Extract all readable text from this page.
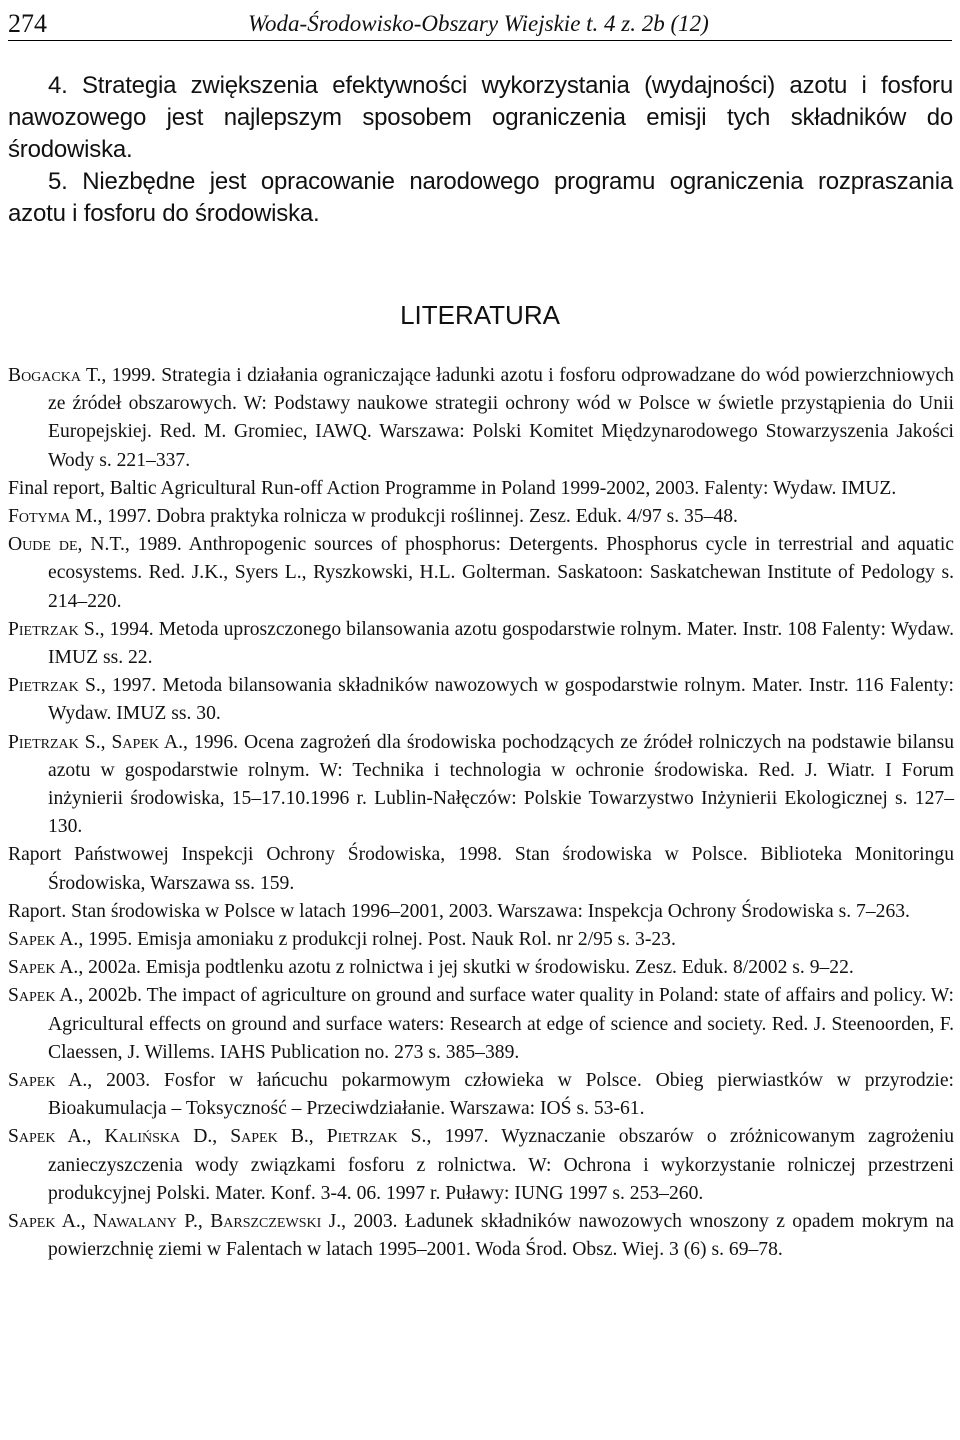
274	Woda-Środowisko-Obszary Wiejskie t. 4 z. 2b (12)

4. Strategia zwiększenia efektywności wykorzystania (wydajności) azotu i fosforu nawozowego jest najlepszym sposobem ograniczenia emisji tych składników do środowiska.

5. Niezbędne jest opracowanie narodowego programu ograniczenia rozpraszania azotu i fosforu do środowiska.

LITERATURA

Bogacka T., 1999. Strategia i działania ograniczające ładunki azotu i fosforu odprowadzane do wód powierzchniowych ze źródeł obszarowych. W: Podstawy naukowe strategii ochrony wód w Polsce w świetle przystąpienia do Unii Europejskiej. Red. M. Gromiec, IAWQ. Warszawa: Polski Komitet Międzynarodowego Stowarzyszenia Jakości Wody s. 221–337.

Final report, Baltic Agricultural Run-off Action Programme in Poland 1999-2002, 2003. Falenty: Wydaw. IMUZ.

Fotyma M., 1997. Dobra praktyka rolnicza w produkcji roślinnej. Zesz. Eduk. 4/97 s. 35–48.

Oude de, N.T., 1989. Anthropogenic sources of phosphorus: Detergents. Phosphorus cycle in terrestrial and aquatic ecosystems. Red. J.K., Syers L., Ryszkowski, H.L. Golterman. Saskatoon: Saskatchewan Institute of Pedology s. 214–220.

Pietrzak S., 1994. Metoda uproszczonego bilansowania azotu gospodarstwie rolnym. Mater. Instr. 108 Falenty: Wydaw. IMUZ ss. 22.

Pietrzak S., 1997. Metoda bilansowania składników nawozowych w gospodarstwie rolnym. Mater. Instr. 116 Falenty: Wydaw. IMUZ ss. 30.

Pietrzak S., Sapek A., 1996. Ocena zagrożeń dla środowiska pochodzących ze źródeł rolniczych na podstawie bilansu azotu w gospodarstwie rolnym. W: Technika i technologia w ochronie środowiska. Red. J. Wiatr. I Forum inżynierii środowiska, 15–17.10.1996 r. Lublin-Nałęczów: Polskie Towarzystwo Inżynierii Ekologicznej s. 127–130.

Raport Państwowej Inspekcji Ochrony Środowiska, 1998. Stan środowiska w Polsce. Biblioteka Monitoringu Środowiska, Warszawa ss. 159.

Raport. Stan środowiska w Polsce w latach 1996–2001, 2003. Warszawa: Inspekcja Ochrony Środowiska s. 7–263.

Sapek A., 1995. Emisja amoniaku z produkcji rolnej. Post. Nauk Rol. nr 2/95 s. 3-23.

Sapek A., 2002a. Emisja podtlenku azotu z rolnictwa i jej skutki w środowisku. Zesz. Eduk. 8/2002 s. 9–22.

Sapek A., 2002b. The impact of agriculture on ground and surface water quality in Poland: state of affairs and policy. W: Agricultural effects on ground and surface waters: Research at edge of science and society. Red. J. Steenoorden, F. Claessen, J. Willems. IAHS Publication no. 273 s. 385–389.

Sapek A., 2003. Fosfor w łańcuchu pokarmowym człowieka w Polsce. Obieg pierwiastków w przyrodzie: Bioakumulacja – Toksyczność – Przeciwdziałanie. Warszawa: IOŚ s. 53-61.

Sapek A., Kalińska D., Sapek B., Pietrzak S., 1997. Wyznaczanie obszarów o zróżnicowanym zagrożeniu zanieczyszczenia wody związkami fosforu z rolnictwa. W: Ochrona i wykorzystanie rolniczej przestrzeni produkcyjnej Polski. Mater. Konf. 3-4. 06. 1997 r. Puławy: IUNG 1997 s. 253–260.

Sapek A., Nawalany P., Barszczewski J., 2003. Ładunek składników nawozowych wnoszony z opadem mokrym na powierzchnię ziemi w Falentach w latach 1995–2001. Woda Środ. Obsz. Wiej. 3 (6) s. 69–78.
